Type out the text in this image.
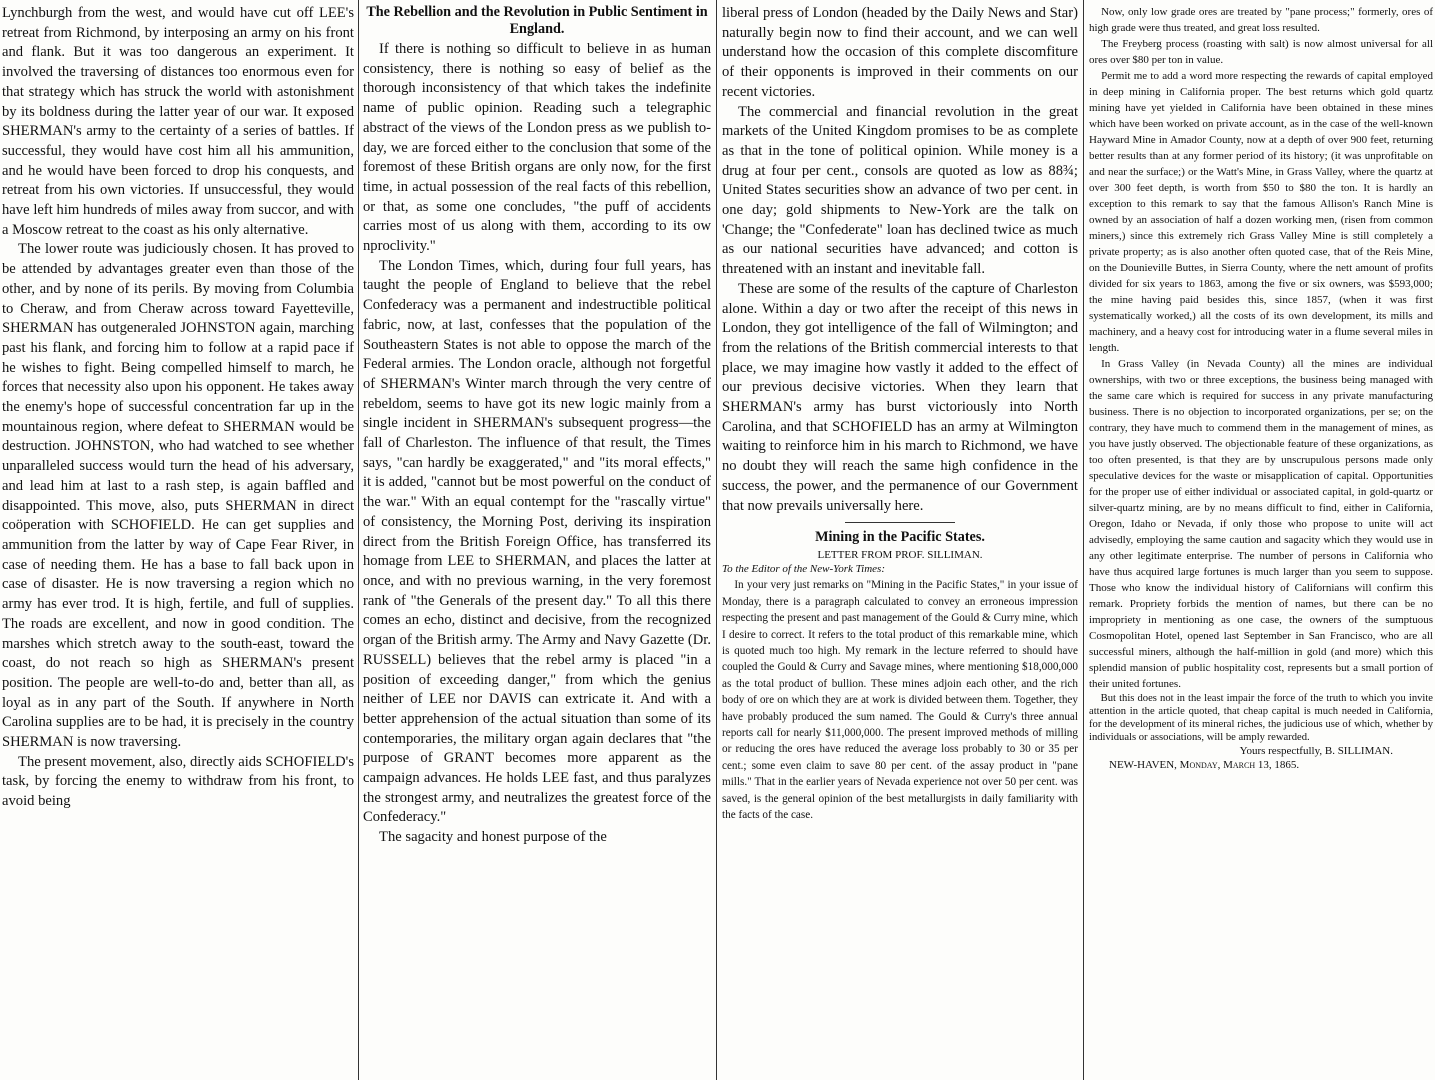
Lynchburgh from the west, and would have cut off LEE's retreat from Richmond, by interposing an army on his front and flank. But it was too dangerous an experiment. It involved the traversing of distances too enormous even for that strategy which has struck the world with astonishment by its boldness during the latter year of our war. It exposed SHERMAN's army to the certainty of a series of battles. If successful, they would have cost him all his ammunition, and he would have been forced to drop his conquests, and retreat from his own victories. If unsuccessful, they would have left him hundreds of miles away from succor, and with a Moscow retreat to the coast as his only alternative.

The lower route was judiciously chosen. It has proved to be attended by advantages greater even than those of the other, and by none of its perils. By moving from Columbia to Cheraw, and from Cheraw across toward Fayetteville, SHERMAN has outgeneraled JOHNSTON again, marching past his flank, and forcing him to follow at a rapid pace if he wishes to fight. Being compelled himself to march, he forces that necessity also upon his opponent. He takes away the enemy's hope of successful concentration far up in the mountainous region, where defeat to SHERMAN would be destruction. JOHNSTON, who had watched to see whether unparalleled success would turn the head of his adversary, and lead him at last to a rash step, is again baffled and disappointed. This move, also, puts SHERMAN in direct coöperation with SCHOFIELD. He can get supplies and ammunition from the latter by way of Cape Fear River, in case of needing them. He has a base to fall back upon in case of disaster. He is now traversing a region which no army has ever trod. It is high, fertile, and full of supplies. The roads are excellent, and now in good condition. The marshes which stretch away to the south-east, toward the coast, do not reach so high as SHERMAN's present position. The people are well-to-do and, better than all, as loyal as in any part of the South. If anywhere in North Carolina supplies are to be had, it is precisely in the country SHERMAN is now traversing.

The present movement, also, directly aids SCHOFIELD's task, by forcing the enemy to withdraw from his front, to avoid being

The Rebellion and the Revolution in Public Sentiment in England.

If there is nothing so difficult to believe in as human consistency, there is nothing so easy of belief as the thorough inconsistency of that which takes the indefinite name of public opinion. Reading such a telegraphic abstract of the views of the London press as we publish to-day, we are forced either to the conclusion that some of the foremost of these British organs are only now, for the first time, in actual possession of the real facts of this rebellion, or that, as some one concludes, "the puff of accidents carries most of us along with them, according to its ow nproclivity."

The London Times, which, during four full years, has taught the people of England to believe that the rebel Confederacy was a permanent and indestructible political fabric, now, at last, confesses that the population of the Southeastern States is not able to oppose the march of the Federal armies. The London oracle, although not forgetful of SHERMAN's Winter march through the very centre of rebeldom, seems to have got its new logic mainly from a single incident in SHERMAN's subsequent progress—the fall of Charleston. The influence of that result, the Times says, "can hardly be exaggerated," and "its moral effects," it is added, "cannot but be most powerful on the conduct of the war." With an equal contempt for the "rascally virtue" of consistency, the Morning Post, deriving its inspiration direct from the British Foreign Office, has transferred its homage from LEE to SHERMAN, and places the latter at once, and with no previous warning, in the very foremost rank of "the Generals of the present day." To all this there comes an echo, distinct and decisive, from the recognized organ of the British army. The Army and Navy Gazette (Dr. RUSSELL) believes that the rebel army is placed "in a position of exceeding danger," from which the genius neither of LEE nor DAVIS can extricate it. And with a better apprehension of the actual situation than some of its contemporaries, the military organ again declares that "the purpose of GRANT becomes more apparent as the campaign advances. He holds LEE fast, and thus paralyzes the strongest army, and neutralizes the greatest force of the Confederacy."

The sagacity and honest purpose of the

liberal press of London (headed by the Daily News and Star) naturally begin now to find their account, and we can well understand how the occasion of this complete discomfiture of their opponents is improved in their comments on our recent victories.

The commercial and financial revolution in the great markets of the United Kingdom promises to be as complete as that in the tone of political opinion. While money is a drug at four per cent., consols are quoted as low as 88¾; United States securities show an advance of two per cent. in one day; gold shipments to New-York are the talk on 'Change; the "Confederate" loan has declined twice as much as our national securities have advanced; and cotton is threatened with an instant and inevitable fall.

These are some of the results of the capture of Charleston alone. Within a day or two after the receipt of this news in London, they got intelligence of the fall of Wilmington; and from the relations of the British commercial interests to that place, we may imagine how vastly it added to the effect of our previous decisive victories. When they learn that SHERMAN's army has burst victoriously into North Carolina, and that SCHOFIELD has an army at Wilmington waiting to reinforce him in his march to Richmond, we have no doubt they will reach the same high confidence in the success, the power, and the permanence of our Government that now prevails universally here.

Mining in the Pacific States.
LETTER FROM PROF. SILLIMAN.

To the Editor of the New-York Times:

In your very just remarks on "Mining in the Pacific States," in your issue of Monday, there is a paragraph calculated to convey an erroneous impression respecting the present and past management of the Gould & Curry mine, which I desire to correct. It refers to the total product of this remarkable mine, which is quoted much too high. My remark in the lecture referred to should have coupled the Gould & Curry and Savage mines, where mentioning $18,000,000 as the total product of bullion. These mines adjoin each other, and the rich body of ore on which they are at work is divided between them. Together, they have probably produced the sum named. The Gould & Curry's three annual reports call for nearly $11,000,000. The present improved methods of milling or reducing the ores have reduced the average loss probably to 30 or 35 per cent.; some even claim to save 80 per cent. of the assay product in "pane mills." That in the earlier years of Nevada experience not over 50 per cent. was saved, is the general opinion of the best metallurgists in daily familiarity with the facts of the case.

Now, only low grade ores are treated by "pane process;" formerly, ores of high grade were thus treated, and great loss resulted.

The Freyberg process (roasting with salt) is now almost universal for all ores over $80 per ton in value.

Permit me to add a word more respecting the rewards of capital employed in deep mining in California proper. The best returns which gold quartz mining have yet yielded in California have been obtained in these mines which have been worked on private account, as in the case of the well-known Hayward Mine in Amador County, now at a depth of over 900 feet, returning better results than at any former period of its history; (it was unprofitable on and near the surface;) or the Watt's Mine, in Grass Valley, where the quartz at over 300 feet depth, is worth from $50 to $80 the ton. It is hardly an exception to this remark to say that the famous Allison's Ranch Mine is owned by an association of half a dozen working men, (risen from common miners,) since this extremely rich Grass Valley Mine is still completely a private property; as is also another often quoted case, that of the Reis Mine, on the Dounieville Buttes, in Sierra County, where the nett amount of profits divided for six years to 1863, among the five or six owners, was $593,000; the mine having paid besides this, since 1857, (when it was first systematically worked,) all the costs of its own development, its mills and machinery, and a heavy cost for introducing water in a flume several miles in length.

In Grass Valley (in Nevada County) all the mines are individual ownerships, with two or three exceptions, the business being managed with the same care which is required for success in any private manufacturing business. There is no objection to incorporated organizations, per se; on the contrary, they have much to commend them in the management of mines, as you have justly observed. The objectionable feature of these organizations, as too often presented, is that they are by unscrupulous persons made only speculative devices for the waste or misapplication of capital. Opportunities for the proper use of either individual or associated capital, in gold-quartz or silver-quartz mining, are by no means difficult to find, either in California, Oregon, Idaho or Nevada, if only those who propose to unite will act advisedly, employing the same caution and sagacity which they would use in any other legitimate enterprise. The number of persons in California who have thus acquired large fortunes is much larger than you seem to suppose. Those who know the individual history of Californians will confirm this remark. Propriety forbids the mention of names, but there can be no impropriety in mentioning as one case, the owners of the sumptuous Cosmopolitan Hotel, opened last September in San Francisco, who are all successful miners, although the half-million in gold (and more) which this splendid mansion of public hospitality cost, represents but a small portion of their united fortunes.

But this does not in the least impair the force of the truth to which you invite attention in the article quoted, that cheap capital is much needed in California, for the development of its mineral riches, the judicious use of which, whether by individuals or associations, will be amply rewarded.

Yours respectfully, B. SILLIMAN.
NEW-HAVEN, Monday, March 13, 1865.
